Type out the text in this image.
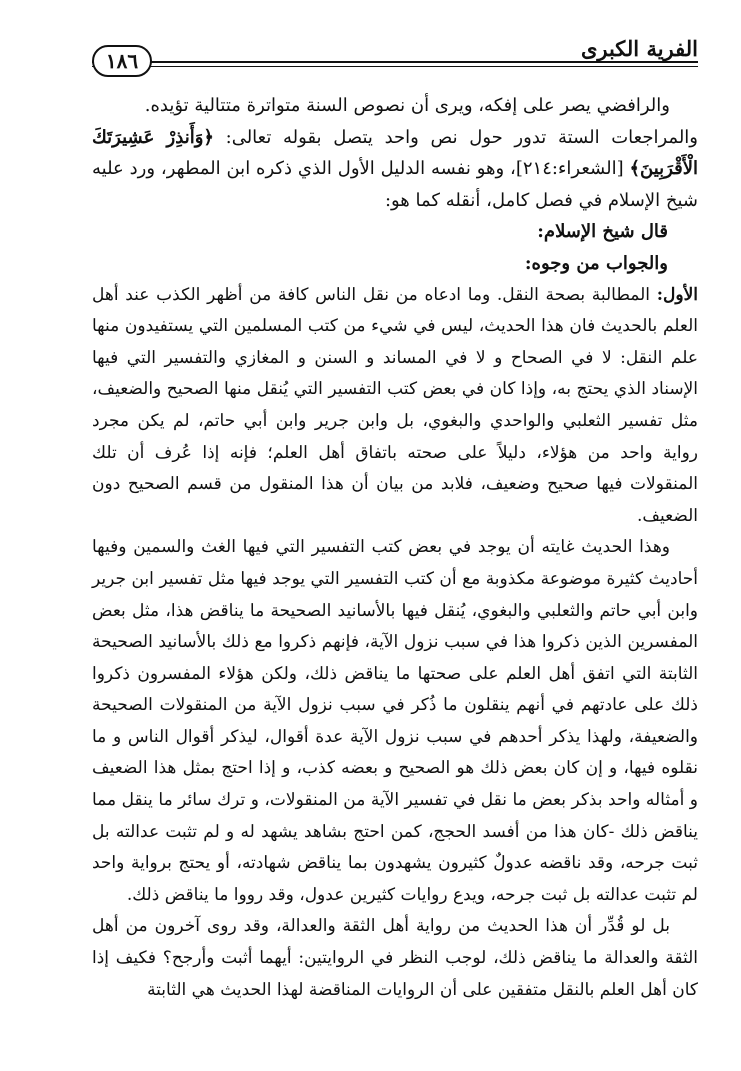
الفرية الكبرى
١٨٦

والرافضي يصر على إفكه، ويرى أن نصوص السنة متواترة متتالية تؤيده.

والمراجعات الستة تدور حول نص واحد يتصل بقوله تعالى: ﴿وَأَنذِرْ عَشِيرَتَكَ الْأَقْرَبِينَ﴾ [الشعراء:٢١٤]، وهو نفسه الدليل الأول الذي ذكره ابن المطهر، ورد عليه شيخ الإسلام في فصل كامل، أنقله كما هو:

قال شيخ الإسلام:

والجواب من وجوه:

الأول: المطالبة بصحة النقل. وما ادعاه من نقل الناس كافة من أظهر الكذب عند أهل العلم بالحديث فان هذا الحديث، ليس في شيء من كتب المسلمين التي يستفيدون منها علم النقل: لا في الصحاح و لا في المساند و السنن و المغازي والتفسير التي فيها الإسناد الذي يحتج به، وإذا كان في بعض كتب التفسير التي يُنقل منها الصحيح والضعيف، مثل تفسير الثعلبي والواحدي والبغوي، بل وابن جرير وابن أبي حاتم، لم يكن مجرد رواية واحد من هؤلاء، دليلاً على صحته باتفاق أهل العلم؛ فإنه إذا عُرف أن تلك المنقولات فيها صحيح وضعيف، فلابد من بيان أن هذا المنقول من قسم الصحيح دون الضعيف.

وهذا الحديث غايته أن يوجد في بعض كتب التفسير التي فيها الغث والسمين وفيها أحاديث كثيرة موضوعة مكذوبة مع أن كتب التفسير التي يوجد فيها مثل تفسير ابن جرير وابن أبي حاتم والثعلبي والبغوي، يُنقل فيها بالأسانيد الصحيحة ما يناقض هذا، مثل بعض المفسرين الذين ذكروا هذا في سبب نزول الآية، فإنهم ذكروا مع ذلك بالأسانيد الصحيحة الثابتة التي اتفق أهل العلم على صحتها ما يناقض ذلك، ولكن هؤلاء المفسرون ذكروا ذلك على عادتهم في أنهم ينقلون ما ذُكر في سبب نزول الآية من المنقولات الصحيحة والضعيفة، ولهذا يذكر أحدهم في سبب نزول الآية عدة أقوال، ليذكر أقوال الناس و ما نقلوه فيها، و إن كان بعض ذلك هو الصحيح و بعضه كذب، و إذا احتج بمثل هذا الضعيف و أمثاله واحد بذكر بعض ما نقل في تفسير الآية من المنقولات، و ترك سائر ما ينقل مما يناقض ذلك -كان هذا من أفسد الحجج، كمن احتج بشاهد يشهد له و لم تثبت عدالته بل ثبت جرحه، وقد ناقضه عدولٌ كثيرون يشهدون بما يناقض شهادته، أو يحتج برواية واحد لم تثبت عدالته بل ثبت جرحه، ويدع روايات كثيرين عدول، وقد رووا ما يناقض ذلك.

بل لو قُدِّر أن هذا الحديث من رواية أهل الثقة والعدالة، وقد روى آخرون من أهل الثقة والعدالة ما يناقض ذلك، لوجب النظر في الروايتين: أيهما أثبت وأرجح؟ فكيف إذا كان أهل العلم بالنقل متفقين على أن الروايات المناقضة لهذا الحديث هي الثابتة
